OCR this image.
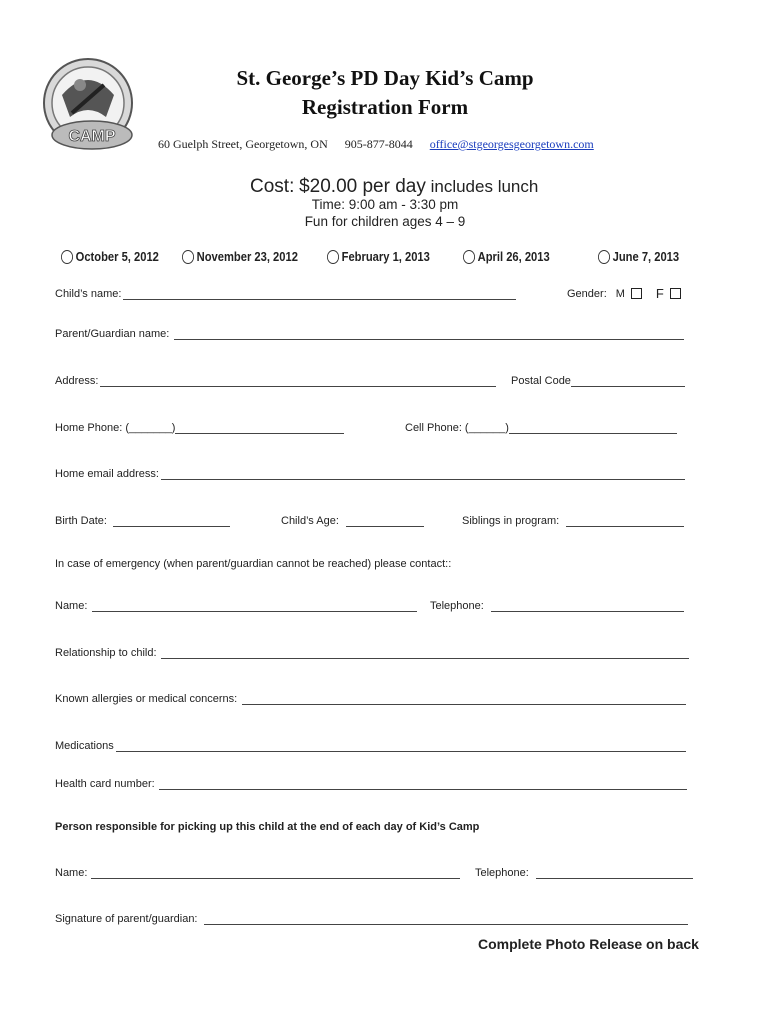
CAMP
St. George’s PD Day Kid’s Camp
Registration Form
60 Guelph Street, Georgetown, ON 905-877-8044 office@stgeorgesgeorgetown.com
Cost: $20.00 per day includes lunch
Time: 9:00 am - 3:30 pm
Fun for children ages 4 – 9
October 5, 2012	November 23, 2012	February 1, 2013	April 26, 2013	June 7, 2013
Child’s name:	Gender: M F
Parent/Guardian name:
Address:	Postal Code
Home Phone: (_______)	Cell Phone: (______)
Home email address:
Birth Date:	Child’s Age:	Siblings in program:
In case of emergency (when parent/guardian cannot be reached) please contact::
Name:	Telephone:
Relationship to child:
Known allergies or medical concerns:
Medications
Health card number:
Person responsible for picking up this child at the end of each day of Kid’s Camp
Name:	Telephone:
Signature of parent/guardian:
Complete Photo Release on back
